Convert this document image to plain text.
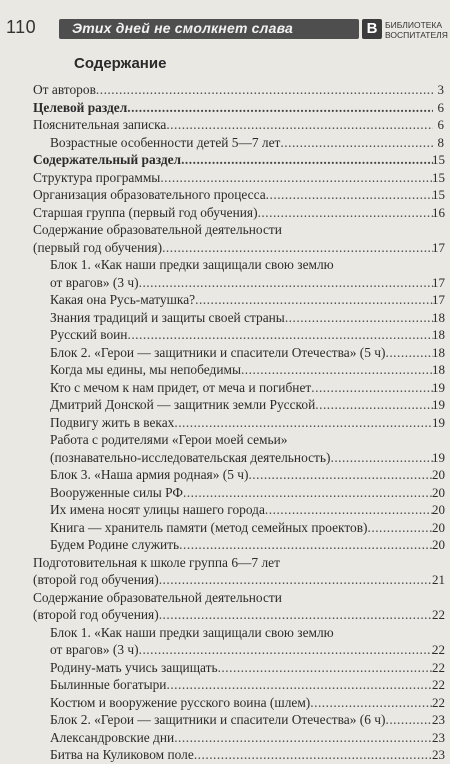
110	Этих дней не смолкнет слава	В БИБЛИОТЕКА
ВОСПИТАТЕЛЯ
Содержание
От авторов .....	3
Целевой раздел .....	6
Пояснительная записка .....	6
Возрастные особенности детей 5—7 лет .....	8
Содержательный раздел .....	15
Структура программы .....	15
Организация образовательного процесса .....	15
Старшая группа (первый год обучения) .....	16
Содержание образовательной деятельности
(первый год обучения) .....	17
Блок 1. «Как наши предки защищали свою землю
от врагов» (3 ч) .....	17
Какая она Русь-матушка? .....	17
Знания традиций и защиты своей страны .....	18
Русский воин .....	18
Блок 2. «Герои — защитники и спасители Отечества» (5 ч) .....	18
Когда мы едины, мы непобедимы .....	18
Кто с мечом к нам придет, от меча и погибнет .....	19
Дмитрий Донской — защитник земли Русской .....	19
Подвигу жить в веках .....	19
Работа с родителями «Герои моей семьи»
(познавательно-исследовательская деятельность) .....	19
Блок 3. «Наша армия родная» (5 ч) .....	20
Вооруженные силы РФ .....	20
Их имена носят улицы нашего города .....	20
Книга — хранитель памяти (метод семейных проектов) .....	20
Будем Родине служить .....	20
Подготовительная к школе группа 6—7 лет
(второй год обучения) .....	21
Содержание образовательной деятельности
(второй год обучения) .....	22
Блок 1. «Как наши предки защищали свою землю
от врагов» (3 ч) .....	22
Родину-мать учись защищать .....	22
Былинные богатыри .....	22
Костюм и вооружение русского воина (шлем) .....	22
Блок 2. «Герои — защитники и спасители Отечества» (6 ч) .....	23
Александровские дни .....	23
Битва на Куликовом поле .....	23
